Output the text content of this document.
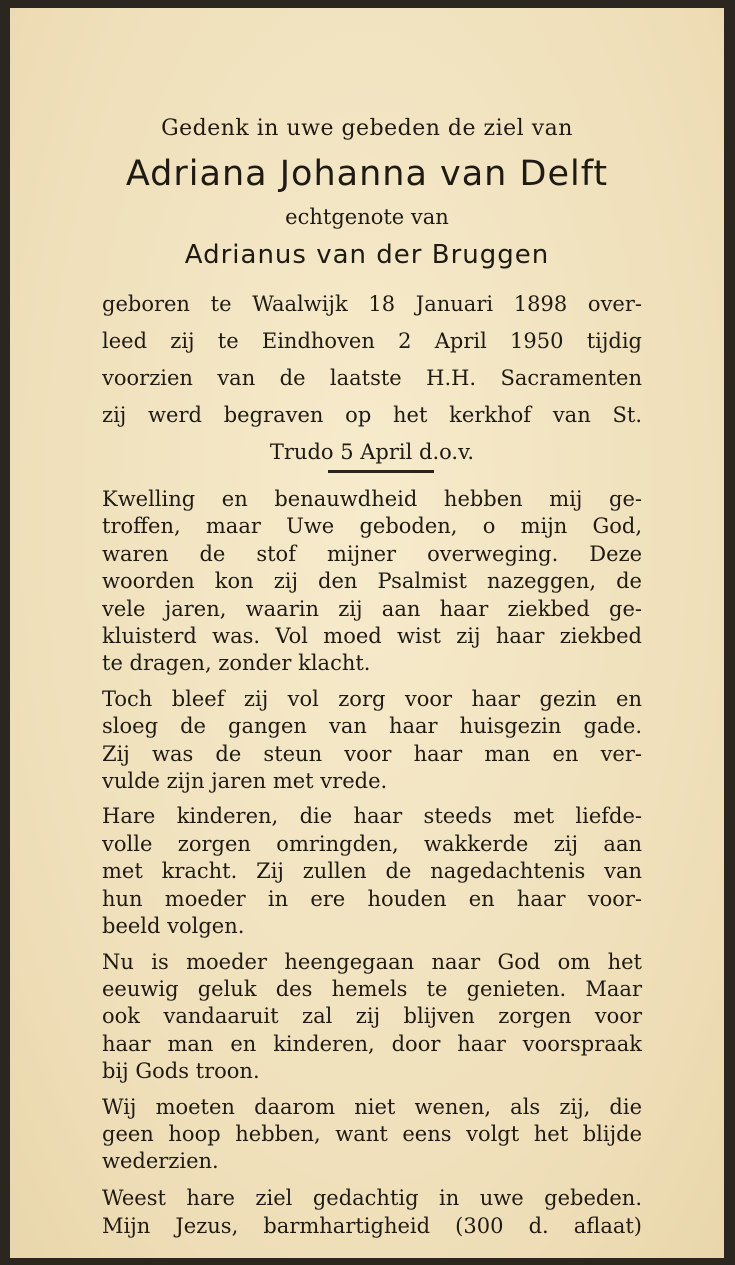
Gedenk in uwe gebeden de ziel van
Adriana Johanna van Delft
echtgenote van
Adrianus van der Bruggen
geboren te Waalwijk 18 Januari 1898 over-
leed zij te Eindhoven 2 April 1950 tijdig
voorzien van de laatste H.H. Sacramenten
zij werd begraven op het kerkhof van St.
Trudo 5 April d.o.v.
Kwelling en benauwdheid hebben mij ge-
troffen, maar Uwe geboden, o mijn God,
waren de stof mijner overweging. Deze
woorden kon zij den Psalmist nazeggen, de
vele jaren, waarin zij aan haar ziekbed ge-
kluisterd was. Vol moed wist zij haar ziekbed
te dragen, zonder klacht.
Toch bleef zij vol zorg voor haar gezin en
sloeg de gangen van haar huisgezin gade.
Zij was de steun voor haar man en ver-
vulde zijn jaren met vrede.
Hare kinderen, die haar steeds met liefde-
volle zorgen omringden, wakkerde zij aan
met kracht. Zij zullen de nagedachtenis van
hun moeder in ere houden en haar voor-
beeld volgen.
Nu is moeder heengegaan naar God om het
eeuwig geluk des hemels te genieten. Maar
ook vandaaruit zal zij blijven zorgen voor
haar man en kinderen, door haar voorspraak
bij Gods troon.
Wij moeten daarom niet wenen, als zij, die
geen hoop hebben, want eens volgt het blijde
wederzien.
Weest hare ziel gedachtig in uwe gebeden.
Mijn Jezus, barmhartigheid (300 d. aflaat)
